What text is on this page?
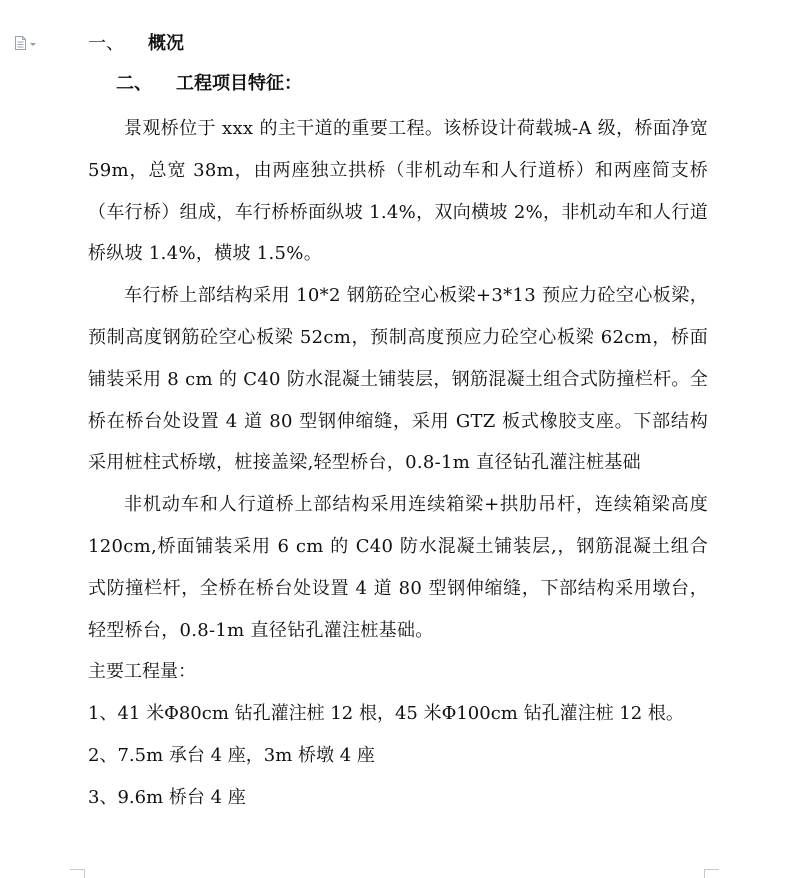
一、 概况
二、 工程项目特征：

景观桥位于 xxx 的主干道的重要工程。该桥设计荷载城-A 级，桥面净宽 59m，总宽 38m，由两座独立拱桥（非机动车和人行道桥）和两座简支桥（车行桥）组成，车行桥桥面纵坡 1.4%，双向横坡 2%，非机动车和人行道桥纵坡 1.4%，横坡 1.5%。

车行桥上部结构采用 10*2 钢筋砼空心板梁+3*13 预应力砼空心板梁，预制高度钢筋砼空心板梁 52cm，预制高度预应力砼空心板梁 62cm，桥面铺装采用 8 cm 的 C40 防水混凝土铺装层，钢筋混凝土组合式防撞栏杆。全桥在桥台处设置 4 道 80 型钢伸缩缝，采用 GTZ 板式橡胶支座。下部结构采用桩柱式桥墩，桩接盖梁,轻型桥台，0.8-1m 直径钻孔灌注桩基础

非机动车和人行道桥上部结构采用连续箱梁+拱肋吊杆，连续箱梁高度 120cm,桥面铺装采用 6 cm 的 C40 防水混凝土铺装层,，钢筋混凝土组合式防撞栏杆，全桥在桥台处设置 4 道 80 型钢伸缩缝，下部结构采用墩台，轻型桥台，0.8-1m 直径钻孔灌注桩基础。

主要工程量：

1、41 米Φ80cm 钻孔灌注桩 12 根，45 米Φ100cm 钻孔灌注桩 12 根。

2、7.5m 承台 4 座，3m 桥墩 4 座

3、9.6m 桥台 4 座
